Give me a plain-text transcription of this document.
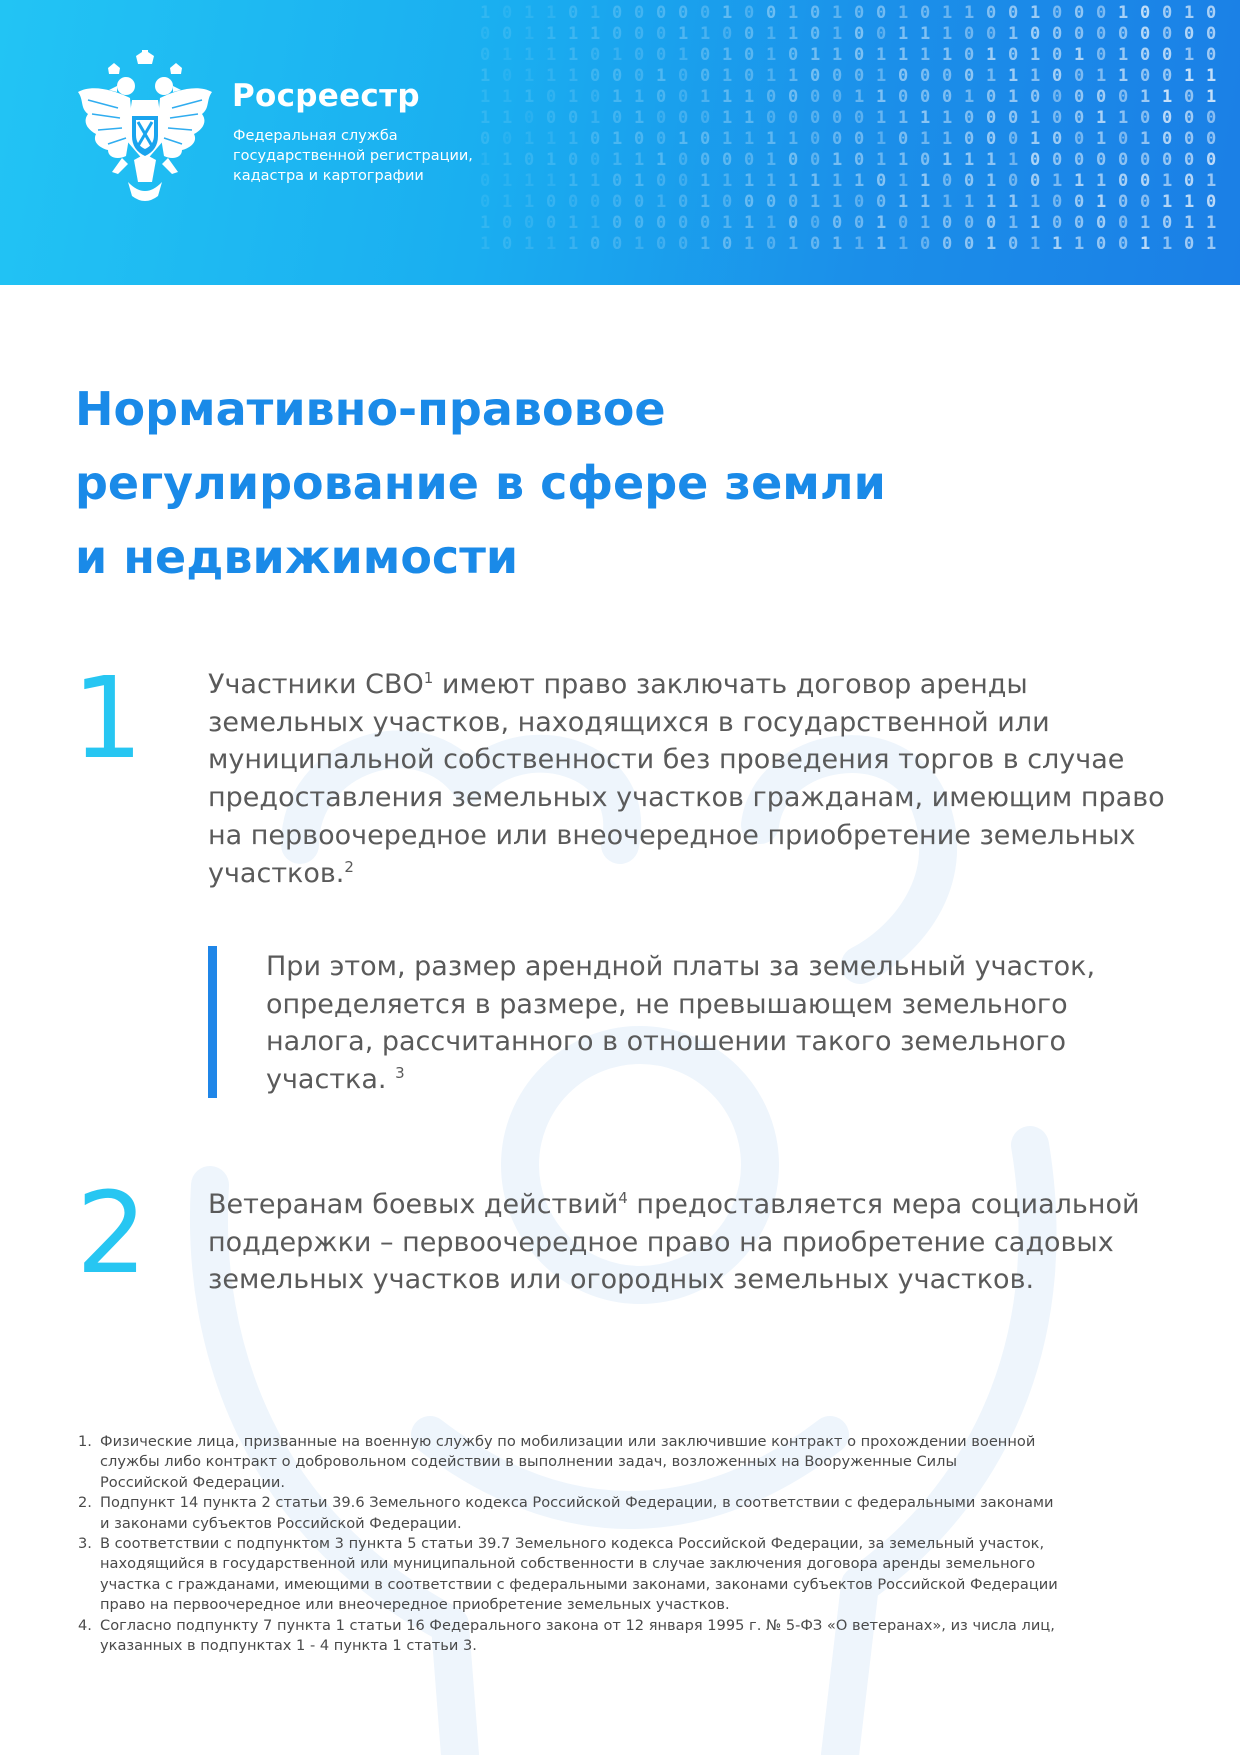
1 0 1 1 0 1 0 0 0 0 0 1 0 0 1 0 1 0 0 1 0 1 1 0 0 1 0 0 0 1 0 0 1 0
0 0 1 1 1 1 0 0 0 1 1 0 0 1 1 0 1 0 0 1 1 1 0 0 1 0 0 0 0 0 0 0 0 0
0 1 1 1 1 0 1 0 0 1 0 1 0 1 0 1 1 0 1 1 1 1 0 1 0 1 0 1 0 1 0 0 1 0
1 0 1 1 1 0 0 0 1 0 0 1 0 1 1 0 0 0 1 0 0 0 0 1 1 1 0 0 1 1 0 0 1 1
1 1 1 0 1 0 1 1 0 0 1 1 1 0 0 0 0 1 1 0 0 0 1 0 1 0 0 0 0 0 1 1 0 1
1 1 0 0 0 1 0 1 0 0 0 1 1 0 0 0 0 0 1 1 1 1 0 0 0 1 0 0 1 1 0 0 0 0
0 0 1 1 1 0 1 0 0 1 0 1 1 1 1 0 0 0 1 0 1 1 0 0 0 1 0 0 1 0 1 0 0 0
1 1 0 1 0 0 1 1 1 0 0 0 0 1 0 0 1 0 1 1 0 1 1 1 1 0 0 0 0 0 0 0 0 0
0 1 1 1 1 1 0 1 0 0 1 1 1 1 1 1 1 1 0 1 1 0 0 1 0 0 1 1 1 0 0 1 0 1
0 1 1 0 0 0 0 0 1 0 1 0 0 0 0 1 1 0 0 1 1 1 1 1 1 1 0 0 1 0 0 1 1 0
1 0 0 0 1 1 0 0 0 0 0 1 1 1 0 0 0 0 1 0 1 0 0 0 1 1 0 0 0 0 1 0 1 1
1 0 1 1 1 0 0 1 0 0 1 0 1 0 1 0 1 1 1 1 0 0 0 1 0 1 1 1 0 0 1 1 0 1
Росреестр
Федеральная служба
государственной регистрации,
кадастра и картографии
Нормативно-правовое
регулирование в сфере земли
и недвижимости
1 Участники СВО$^1$ имеют право заключать договор аренды
земельных участков, находящихся в государственной или
муниципальной собственности без проведения торгов в случае
предоставления земельных участков гражданам, имеющим право
на первоочередное или внеочередное приобретение земельных
участков.$^2$
При этом, размер арендной платы за земельный участок,
определяется в размере, не превышающем земельного
налога, рассчитанного в отношении такого земельного
участка. $^3$
2 Ветеранам боевых действий$^4$ предоставляется мера социальной
поддержки – первоочередное право на приобретение садовых
земельных участков или огородных земельных участков.
1. Физические лица, призванные на военную службу по мобилизации или заключившие контракт о прохождении военной
службы либо контракт о добровольном содействии в выполнении задач, возложенных на Вооруженные Силы
Российской Федерации.
2. Подпункт 14 пункта 2 статьи 39.6 Земельного кодекса Российской Федерации, в соответствии с федеральными законами
и законами субъектов Российской Федерации.
3. В соответствии с подпунктом 3 пункта 5 статьи 39.7 Земельного кодекса Российской Федерации, за земельный участок,
находящийся в государственной или муниципальной собственности в случае заключения договора аренды земельного
участка с гражданами, имеющими в соответствии с федеральными законами, законами субъектов Российской Федерации
право на первоочередное или внеочередное приобретение земельных участков.
4. Согласно подпункту 7 пункта 1 статьи 16 Федерального закона от 12 января 1995 г. № 5-ФЗ «О ветеранах», из числа лиц,
указанных в подпунктах 1 - 4 пункта 1 статьи 3.
